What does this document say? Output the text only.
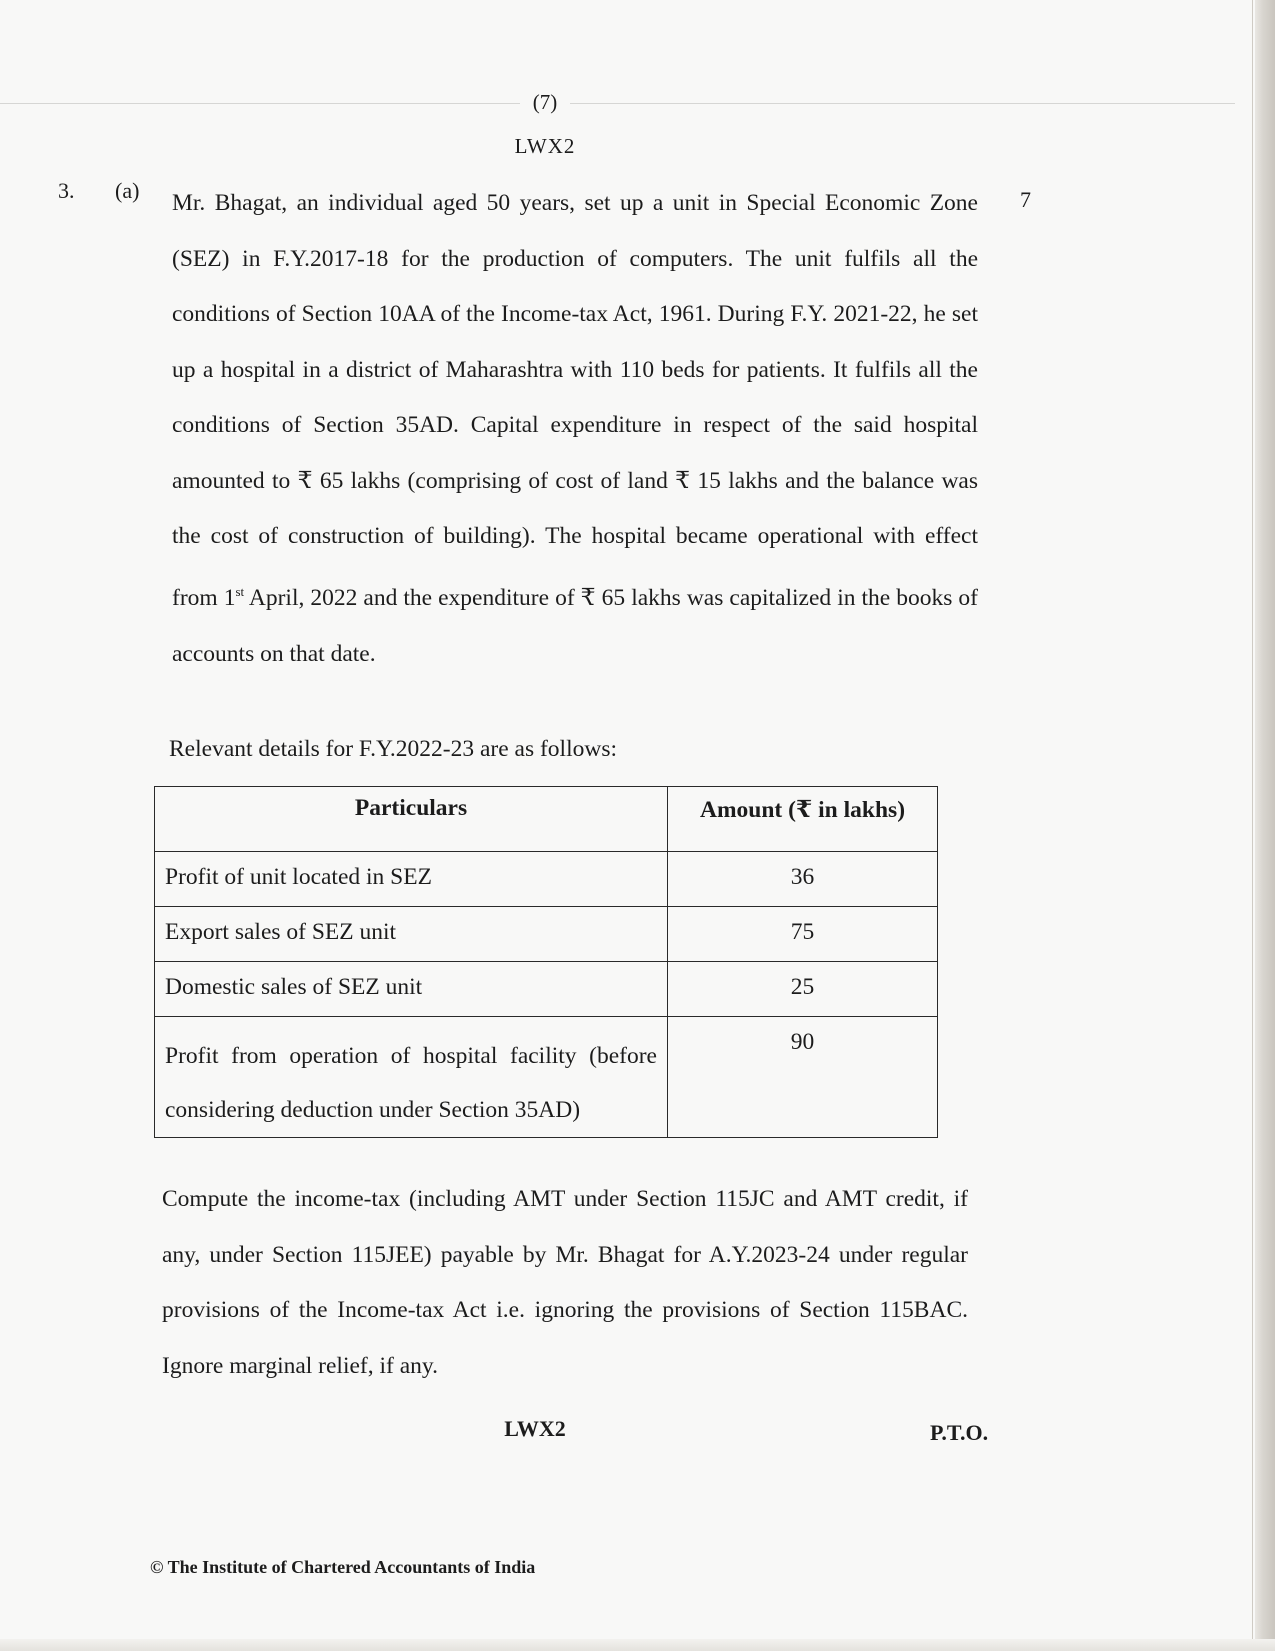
(7)
LWX2
3. (a)	7

Mr. Bhagat, an individual aged 50 years, set up a unit in Special Economic Zone (SEZ) in F.Y.2017-18 for the production of computers. The unit fulfils all the conditions of Section 10AA of the Income-tax Act, 1961. During F.Y. 2021-22, he set up a hospital in a district of Maharashtra with 110 beds for patients. It fulfils all the conditions of Section 35AD. Capital expenditure in respect of the said hospital amounted to ₹ 65 lakhs (comprising of cost of land ₹ 15 lakhs and the balance was the cost of construction of building). The hospital became operational with effect from 1st April, 2022 and the expenditure of ₹ 65 lakhs was capitalized in the books of accounts on that date.

Relevant details for F.Y.2022-23 are as follows:

Particulars	Amount (₹ in lakhs)
Profit of unit located in SEZ	36
Export sales of SEZ unit	75
Domestic sales of SEZ unit	25
Profit from operation of hospital facility (before considering deduction under Section 35AD)	90

Compute the income-tax (including AMT under Section 115JC and AMT credit, if any, under Section 115JEE) payable by Mr. Bhagat for A.Y.2023-24 under regular provisions of the Income-tax Act i.e. ignoring the provisions of Section 115BAC. Ignore marginal relief, if any.

LWX2	P.T.O.
© The Institute of Chartered Accountants of India
